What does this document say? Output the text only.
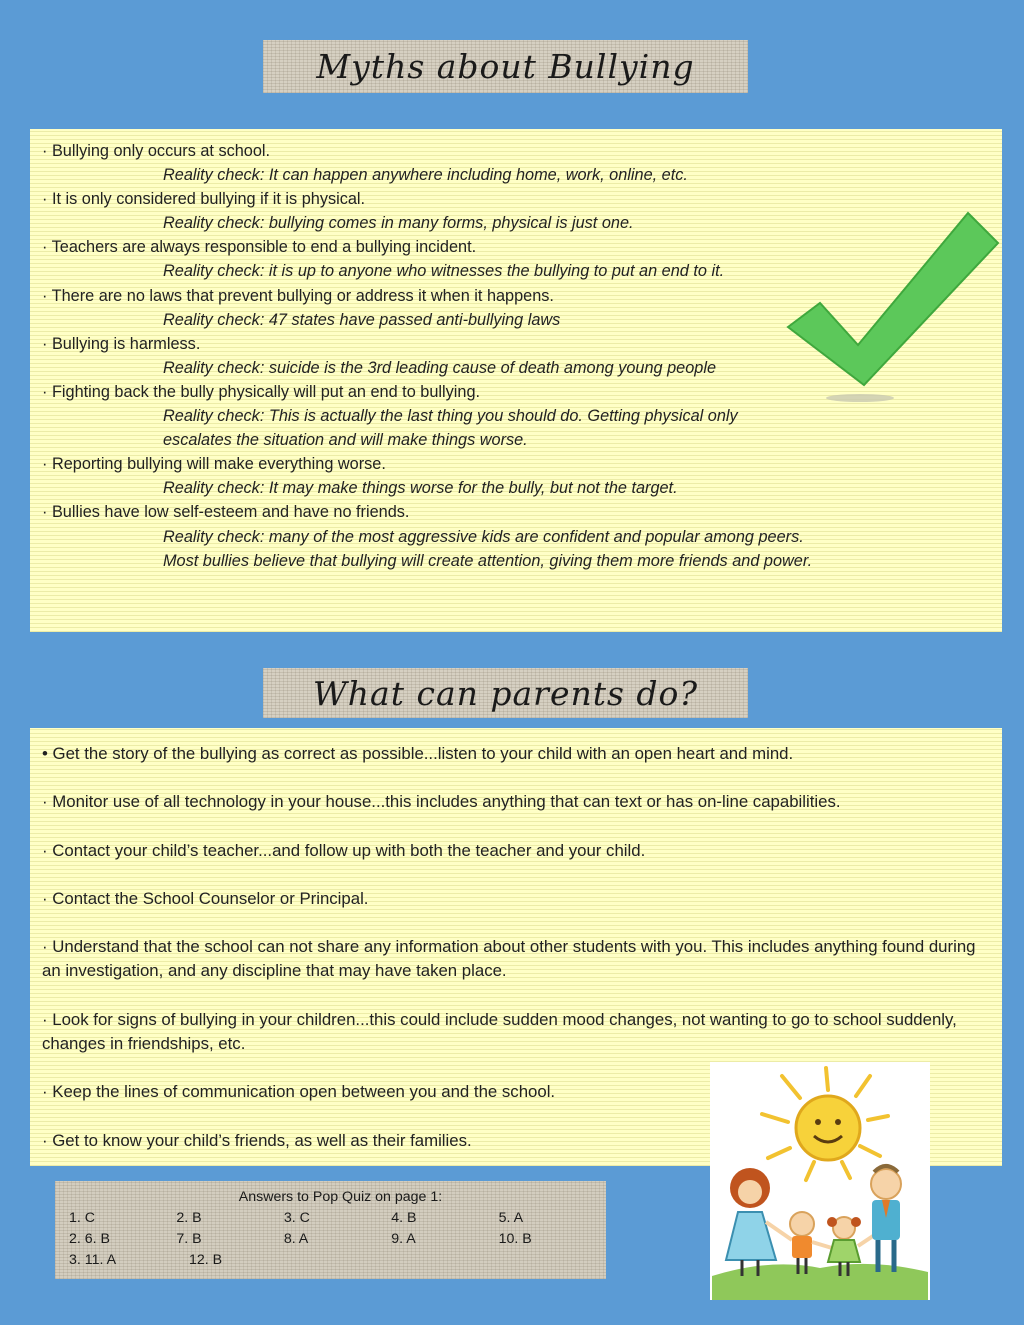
Myths about Bullying

· Bullying only occurs at school.

Reality check: It can happen anywhere including home, work, online, etc.

· It is only considered bullying if it is physical.

Reality check: bullying comes in many forms, physical is just one.

· Teachers are always responsible to end a bullying incident.

Reality check: it is up to anyone who witnesses the bullying to put an end to it.

· There are no laws that prevent bullying or address it when it happens.

Reality check: 47 states have passed anti-bullying laws

· Bullying is harmless.

Reality check: suicide is the 3rd leading cause of death among young people

· Fighting back the bully physically will put an end to bullying.

Reality check: This is actually the last thing you should do. Getting physical only

escalates the situation and will make things worse.

· Reporting bullying will make everything worse.

Reality check: It may make things worse for the bully, but not the target.

· Bullies have low self-esteem and have no friends.

Reality check: many of the most aggressive kids are confident and popular among peers.

Most bullies believe that bullying will create attention, giving them more friends and power.

What can parents do?

• Get the story of the bullying as correct as possible...listen to your child with an open heart and mind.

· Monitor use of all technology in your house...this includes anything that can text or has on-line capabilities.

· Contact your child’s teacher...and follow up with both the teacher and your child.

· Contact the School Counselor or Principal.

· Understand that the school can not share any information about other students with you. This includes anything found during an investigation, and any discipline that may have taken place.

· Look for signs of bullying in your children...this could include sudden mood changes, not wanting to go to school suddenly, changes in friendships, etc.

· Keep the lines of communication open between you and the school.

· Get to know your child’s friends, as well as their families.

Answers to Pop Quiz on page 1:

1. C	2. B	3. C	4. B	5. A
2. 6. B	7. B	8. A	9. A	10. B
3. 11. A	12. B
